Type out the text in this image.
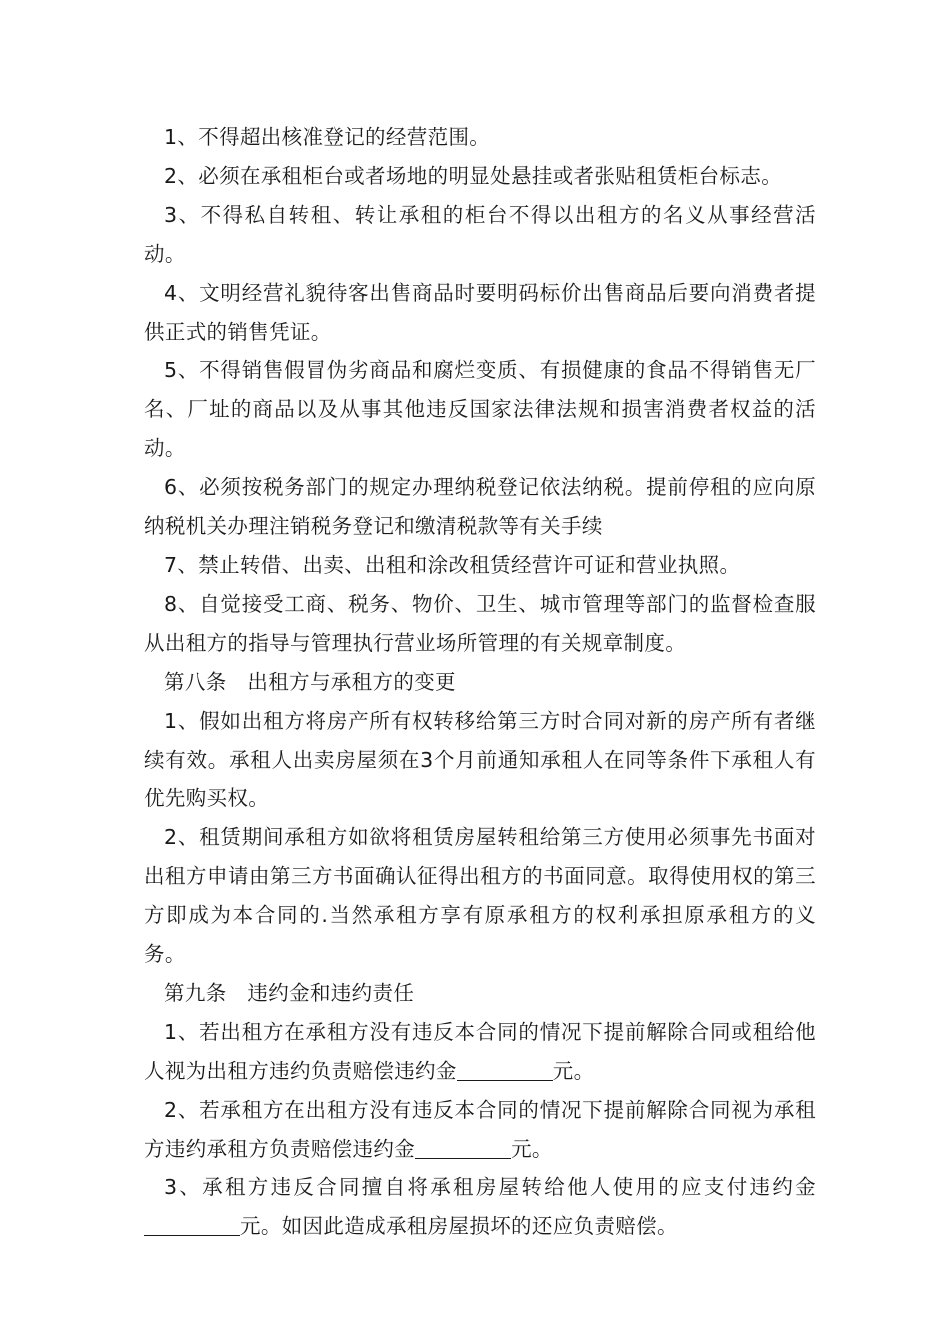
1、不得超出核准登记的经营范围。

2、必须在承租柜台或者场地的明显处悬挂或者张贴租赁柜台标志。

3、不得私自转租、转让承租的柜台不得以出租方的名义从事经营活动。

4、文明经营礼貌待客出售商品时要明码标价出售商品后要向消费者提供正式的销售凭证。

5、不得销售假冒伪劣商品和腐烂变质、有损健康的食品不得销售无厂名、厂址的商品以及从事其他违反国家法律法规和损害消费者权益的活动。

6、必须按税务部门的规定办理纳税登记依法纳税。提前停租的应向原纳税机关办理注销税务登记和缴清税款等有关手续

7、禁止转借、出卖、出租和涂改租赁经营许可证和营业执照。

8、自觉接受工商、税务、物价、卫生、城市管理等部门的监督检查服从出租方的指导与管理执行营业场所管理的有关规章制度。

第八条　出租方与承租方的变更

1、假如出租方将房产所有权转移给第三方时合同对新的房产所有者继续有效。承租人出卖房屋须在3个月前通知承租人在同等条件下承租人有优先购买权。

2、租赁期间承租方如欲将租赁房屋转租给第三方使用必须事先书面对出租方申请由第三方书面确认征得出租方的书面同意。取得使用权的第三方即成为本合同的.当然承租方享有原承租方的权利承担原承租方的义务。

第九条　违约金和违约责任

1、若出租方在承租方没有违反本合同的情况下提前解除合同或租给他人视为出租方违约负责赔偿违约金	元。

2、若承租方在出租方没有违反本合同的情况下提前解除合同视为承租方违约承租方负责赔偿违约金	元。

3、承租方违反合同擅自将承租房屋转给他人使用的应支付违约金元。如因此造成承租房屋损坏的还应负责赔偿。
